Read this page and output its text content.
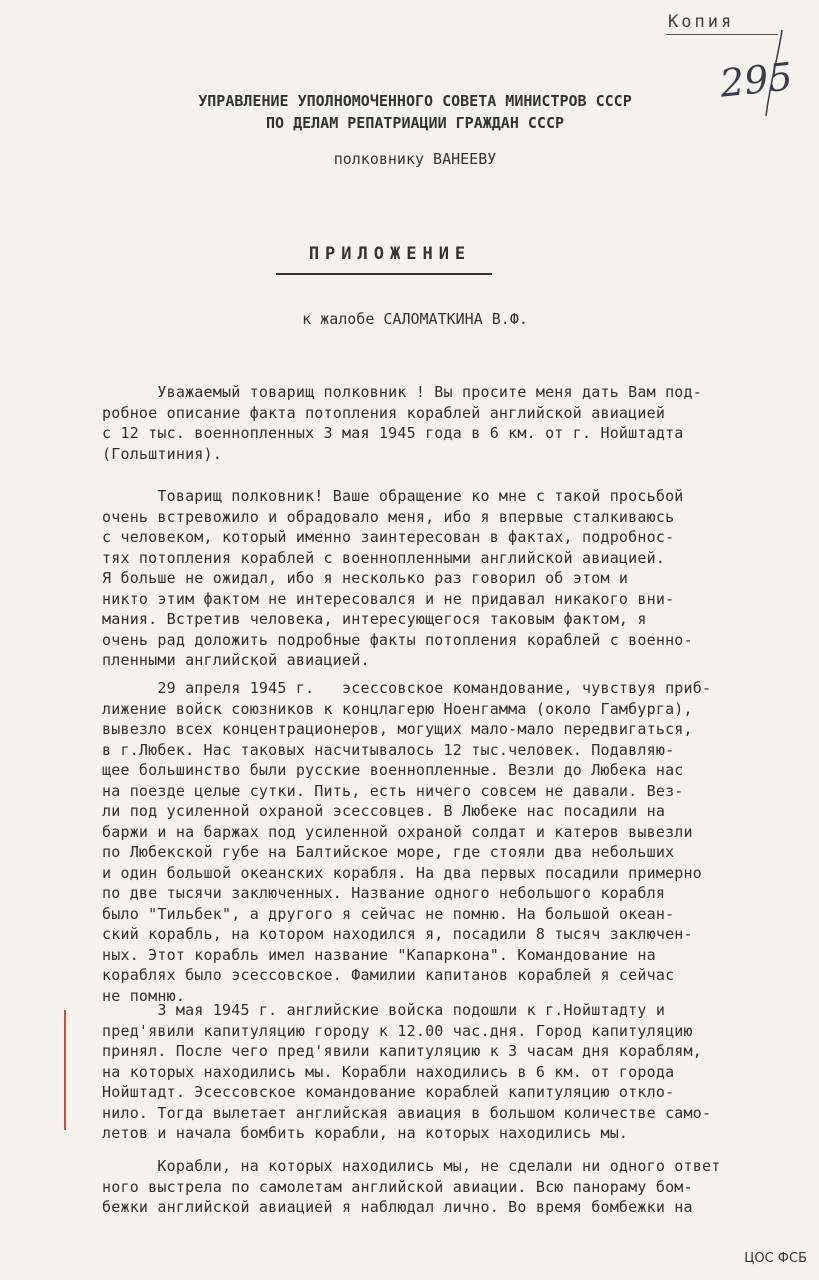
Копия
295
УПРАВЛЕНИЕ УПОЛНОМОЧЕННОГО СОВЕТА МИНИСТРОВ СССР
ПО ДЕЛАМ РЕПАТРИАЦИИ ГРАЖДАН СССР
полковнику ВАНЕЕВУ
ПРИЛОЖЕНИЕ
к жалобе САЛОМАТКИНА В.Ф.
Уважаемый товарищ полковник ! Вы просите меня дать Вам под-
робное описание факта потопления кораблей английской авиацией
с 12 тыс. военнопленных 3 мая 1945 года в 6 км. от г. Нойштадта
(Гольштиния).
Товарищ полковник! Ваше обращение ко мне с такой просьбой
очень встревожило и обрадовало меня, ибо я впервые сталкиваюсь
с человеком, который именно заинтересован в фактах, подробнос-
тях потопления кораблей с военнопленными английской авиацией.
Я больше не ожидал, ибо я несколько раз говорил об этом и
никто этим фактом не интересовался и не придавал никакого вни-
мания. Встретив человека, интересующегося таковым фактом, я
очень рад доложить подробные факты потопления кораблей с военно-
пленными английской авиацией.
29 апреля 1945 г.   эсессовское командование, чувствуя приб-
лижение войск союзников к концлагерю Ноенгамма (около Гамбурга),
вывезло всех концентрационеров, могущих мало-мало передвигаться,
в г.Любек. Нас таковых насчитывалось 12 тыс.человек. Подавляю-
щее большинство были русские военнопленные. Везли до Любека нас
на поезде целые сутки. Пить, есть ничего совсем не давали. Вез-
ли под усиленной охраной эсессовцев. В Любеке нас посадили на
баржи и на баржах под усиленной охраной солдат и катеров вывезли
по Любекской губе на Балтийское море, где стояли два небольших
и один большой океанских корабля. На два первых посадили примерно
по две тысячи заключенных. Название одного небольшого корабля
было "Тильбек", а другого я сейчас не помню. На большой океан-
ский корабль, на котором находился я, посадили 8 тысяч заключен-
ных. Этот корабль имел название "Капаркона". Командование на
кораблях было эсессовское. Фамилии капитанов кораблей я сейчас
не помню.
3 мая 1945 г. английские войска подошли к г.Нойштадту и
пред'явили капитуляцию городу к 12.00 час.дня. Город капитуляцию
принял. После чего пред'явили капитуляцию к 3 часам дня кораблям,
на которых находились мы. Корабли находились в 6 км. от города
Нойштадт. Эсессовское командование кораблей капитуляцию откло-
нило. Тогда вылетает английская авиация в большом количестве само-
летов и начала бомбить корабли, на которых находились мы.
Корабли, на которых находились мы, не сделали ни одного ответ
ного выстрела по самолетам английской авиации. Всю панораму бом-
бежки английской авиацией я наблюдал лично. Во время бомбежки на
ЦОС ФСБ
